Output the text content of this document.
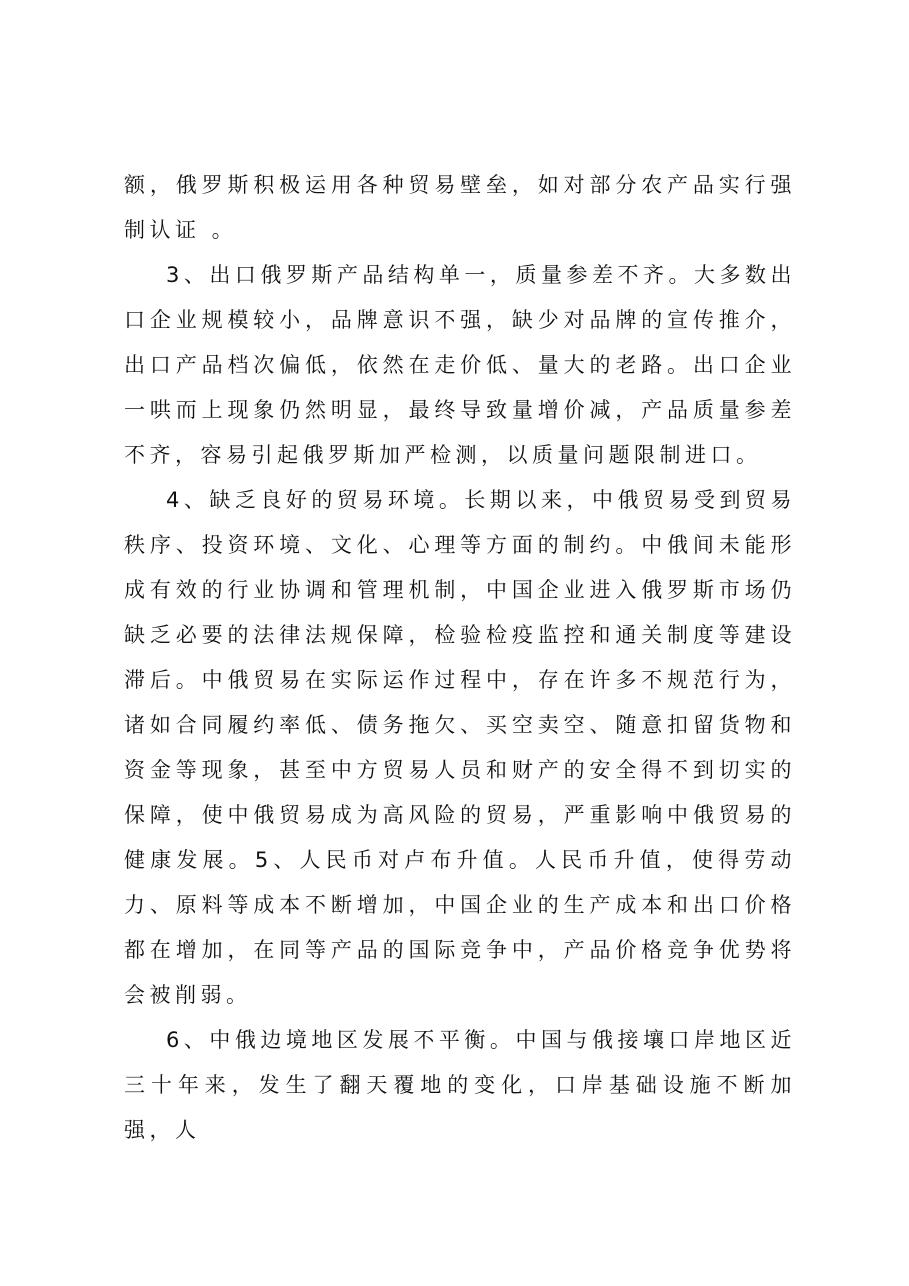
额，俄罗斯积极运用各种贸易壁垒，如对部分农产品实行强制认证 。

3、出口俄罗斯产品结构单一，质量参差不齐。大多数出口企业规模较小，品牌意识不强，缺少对品牌的宣传推介，出口产品档次偏低，依然在走价低、量大的老路。出口企业一哄而上现象仍然明显，最终导致量增价减，产品质量参差不齐，容易引起俄罗斯加严检测，以质量问题限制进口。

4、缺乏良好的贸易环境。长期以来，中俄贸易受到贸易秩序、投资环境、文化、心理等方面的制约。中俄间未能形成有效的行业协调和管理机制，中国企业进入俄罗斯市场仍缺乏必要的法律法规保障，检验检疫监控和通关制度等建设滞后。中俄贸易在实际运作过程中，存在许多不规范行为，诸如合同履约率低、债务拖欠、买空卖空、随意扣留货物和资金等现象，甚至中方贸易人员和财产的安全得不到切实的保障，使中俄贸易成为高风险的贸易，严重影响中俄贸易的健康发展。5、人民币对卢布升值。人民币升值，使得劳动力、原料等成本不断增加，中国企业的生产成本和出口价格都在增加，在同等产品的国际竞争中，产品价格竞争优势将会被削弱。

6、中俄边境地区发展不平衡。中国与俄接壤口岸地区近三十年来，发生了翻天覆地的变化，口岸基础设施不断加强，人
